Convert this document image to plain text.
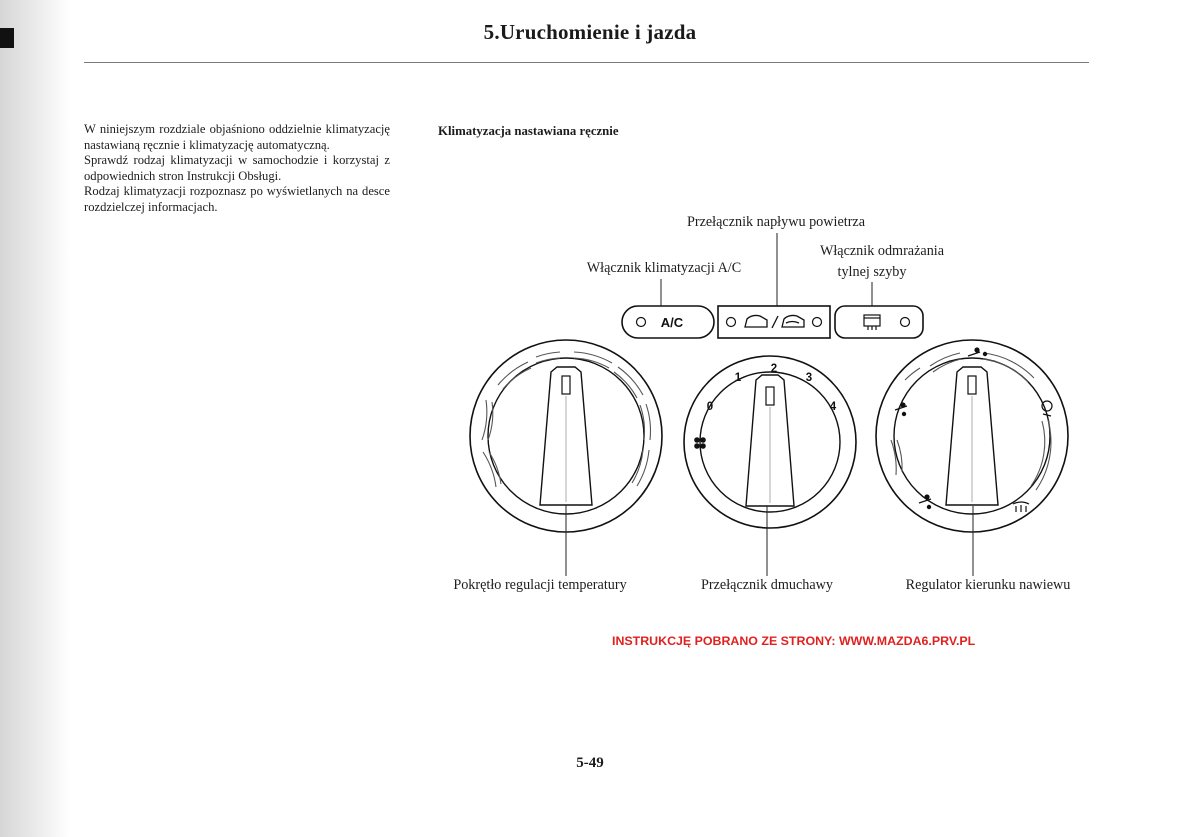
5.Uruchomienie i jazda

W niniejszym rozdziale objaśniono oddzielnie klimatyzację nastawianą ręcznie i klimatyzację automatyczną.

Sprawdź rodzaj klimatyzacji w samochodzie i korzystaj z odpowiednich stron Instrukcji Obsługi.

Rodzaj klimatyzacji rozpoznasz po wyświetlanych na desce rozdzielczej informacjach.

Klimatyzacja nastawiana ręcznie
Przełącznik napływu powietrza
Włącznik klimatyzacji A/C
Włącznik odmrażania
tylnej szyby
A/C
0
1
2
3
4
Pokrętło regulacji temperatury	Przełącznik dmuchawy	Regulator kierunku nawiewu
INSTRUKCJĘ POBRANO ZE STRONY: WWW.MAZDA6.PRV.PL
5-49
